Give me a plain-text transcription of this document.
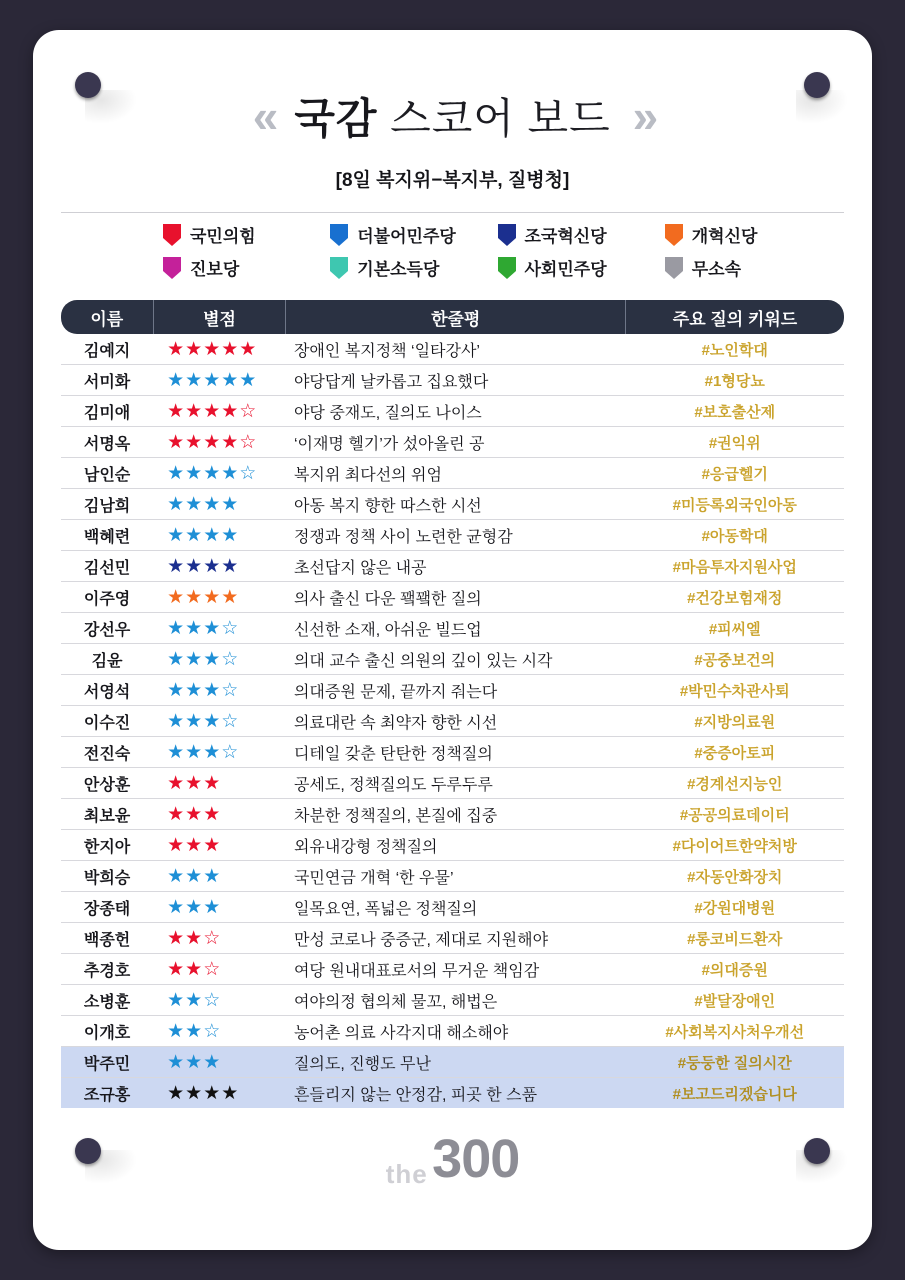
« 국감 스코어 보드 »
[8일 복지위−복지부, 질병청]
국민의힘	더불어민주당	조국혁신당	개혁신당
진보당	기본소득당	사회민주당	무소속
이름	별점	한줄평	주요 질의 키워드
김예지	★★★★★	장애인 복지정책 ‘일타강사’	#노인학대
서미화	★★★★★	야당답게 날카롭고 집요했다	#1형당뇨
김미애	★★★★☆	야당 중재도, 질의도 나이스	#보호출산제
서명옥	★★★★☆	‘이재명 헬기’가 섰아올린 공	#권익위
남인순	★★★★☆	복지위 최다선의 위엄	#응급헬기
김남희	★★★★	아동 복지 향한 따스한 시선	#미등록외국인아동
백혜련	★★★★	정쟁과 정책 사이 노련한 균형감	#아동학대
김선민	★★★★	초선답지 않은 내공	#마음투자지원사업
이주영	★★★★	의사 출신 다운 꽼꽼한 질의	#건강보험재정
강선우	★★★☆	신선한 소재, 아쉬운 빌드업	#피씨엘
김윤	★★★☆	의대 교수 출신 의원의 깊이 있는 시각	#공중보건의
서영석	★★★☆	의대증원 문제, 끝까지 줘는다	#박민수차관사퇴
이수진	★★★☆	의료대란 속 최약자 향한 시선	#지방의료원
전진숙	★★★☆	디테일 갖춘 탄탄한 정책질의	#중증아토피
안상훈	★★★	공세도, 정책질의도 두루두루	#경계선지능인
최보윤	★★★	차분한 정책질의, 본질에 집중	#공공의료데이터
한지아	★★★	외유내강형 정책질의	#다이어트한약처방
박희승	★★★	국민연금 개혁 ‘한 우물’	#자동안화장치
장종태	★★★	일목요연, 폭넓은 정책질의	#강원대병원
백종헌	★★☆	만성 코로나 중증군, 제대로 지원해야	#롱코비드환자
추경호	★★☆	여당 원내대표로서의 무거운 책임감	#의대증원
소병훈	★★☆	여야의정 협의체 물꼬, 해법은	#발달장애인
이개호	★★☆	농어촌 의료 사각지대 해소해야	#사회복지사처우개선
박주민	★★★	질의도, 진행도 무난	#둥둥한 질의시간
조규홍	★★★★	흔들리지 않는 안정감, 피곳 한 스품	#보고드리겠습니다
the 300
